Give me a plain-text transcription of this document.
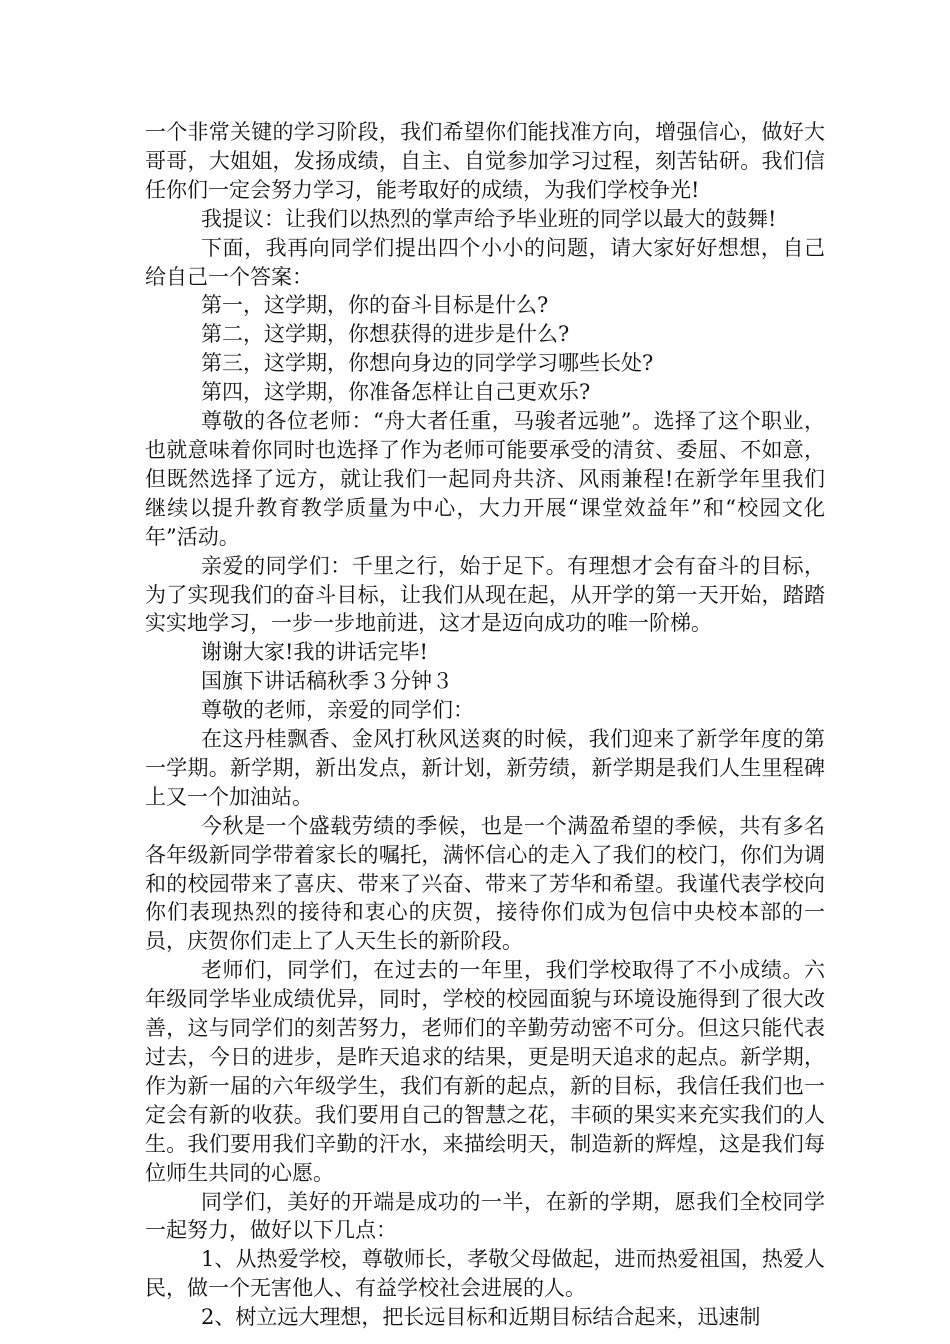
一个非常关键的学习阶段，我们希望你们能找准方向，增强信心，做好大哥哥，大姐姐，发扬成绩，自主、自觉参加学习过程，刻苦钻研。我们信任你们一定会努力学习，能考取好的成绩，为我们学校争光!

我提议：让我们以热烈的掌声给予毕业班的同学以最大的鼓舞!

下面，我再向同学们提出四个小小的问题，请大家好好想想，自己给自己一个答案：

第一，这学期，你的奋斗目标是什么?

第二，这学期，你想获得的进步是什么?

第三，这学期，你想向身边的同学学习哪些长处?

第四，这学期，你准备怎样让自己更欢乐?

尊敬的各位老师：“舟大者任重，马骏者远驰”。选择了这个职业，也就意味着你同时也选择了作为老师可能要承受的清贫、委屈、不如意，但既然选择了远方，就让我们一起同舟共济、风雨兼程!在新学年里我们继续以提升教育教学质量为中心，大力开展“课堂效益年”和“校园文化年”活动。

亲爱的同学们：千里之行，始于足下。有理想才会有奋斗的目标，为了实现我们的奋斗目标，让我们从现在起，从开学的第一天开始，踏踏实实地学习，一步一步地前进，这才是迈向成功的唯一阶梯。

谢谢大家!我的讲话完毕!

国旗下讲话稿秋季３分钟３

尊敬的老师，亲爱的同学们：

在这丹桂飘香、金风打秋风送爽的时候，我们迎来了新学年度的第一学期。新学期，新出发点，新计划，新劳绩，新学期是我们人生里程碑上又一个加油站。

今秋是一个盛载劳绩的季候，也是一个满盈希望的季候，共有多名各年级新同学带着家长的嘱托，满怀信心的走入了我们的校门，你们为调和的校园带来了喜庆、带来了兴奋、带来了芳华和希望。我谨代表学校向你们表现热烈的接待和衷心的庆贺，接待你们成为包信中央校本部的一员，庆贺你们走上了人天生长的新阶段。

老师们，同学们，在过去的一年里，我们学校取得了不小成绩。六年级同学毕业成绩优异，同时，学校的校园面貌与环境设施得到了很大改善，这与同学们的刻苦努力，老师们的辛勤劳动密不可分。但这只能代表过去，今日的进步，是昨天追求的结果，更是明天追求的起点。新学期，作为新一届的六年级学生，我们有新的起点，新的目标，我信任我们也一定会有新的收获。我们要用自己的智慧之花，丰硕的果实来充实我们的人生。我们要用我们辛勤的汗水，来描绘明天，制造新的辉煌，这是我们每位师生共同的心愿。

同学们，美好的开端是成功的一半，在新的学期，愿我们全校同学一起努力，做好以下几点：

1、从热爱学校，尊敬师长，孝敬父母做起，进而热爱祖国，热爱人民，做一个无害他人、有益学校社会进展的人。

2、树立远大理想，把长远目标和近期目标结合起来，迅速制
